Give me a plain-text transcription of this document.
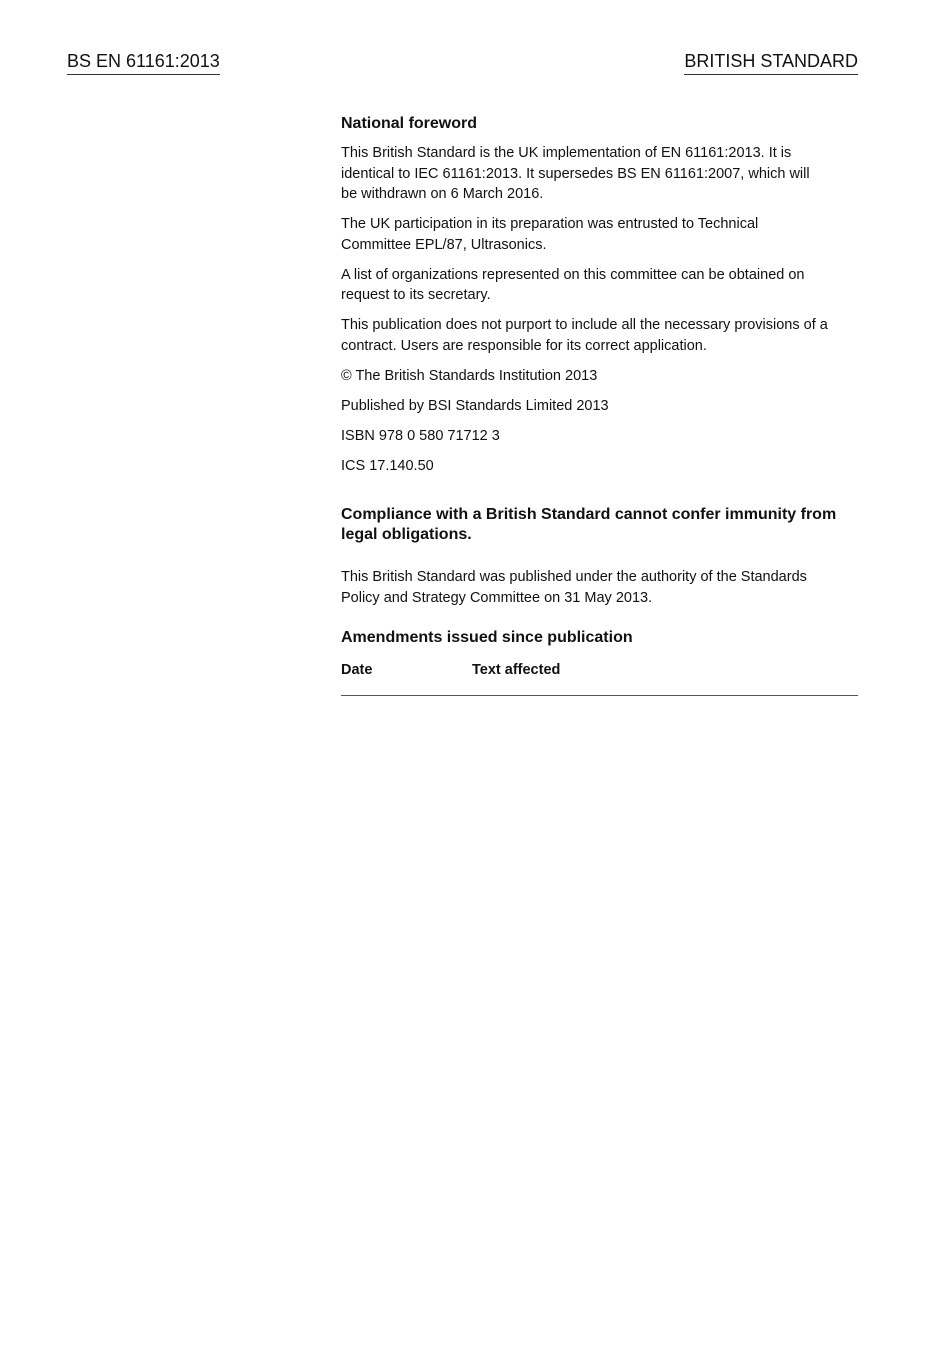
BS EN 61161:2013	BRITISH STANDARD
National foreword

This British Standard is the UK implementation of EN 61161:2013. It is identical to IEC 61161:2013. It supersedes BS EN 61161:2007, which will be withdrawn on 6 March 2016.

The UK participation in its preparation was entrusted to Technical Committee EPL/87, Ultrasonics.

A list of organizations represented on this committee can be obtained on request to its secretary.

This publication does not purport to include all the necessary provisions of a contract. Users are responsible for its correct application.

© The British Standards Institution 2013

Published by BSI Standards Limited 2013

ISBN 978 0 580 71712 3

ICS 17.140.50

Compliance with a British Standard cannot confer immunity from legal obligations.

This British Standard was published under the authority of the Standards Policy and Strategy Committee on 31 May 2013.

Amendments issued since publication
Date	Text affected
